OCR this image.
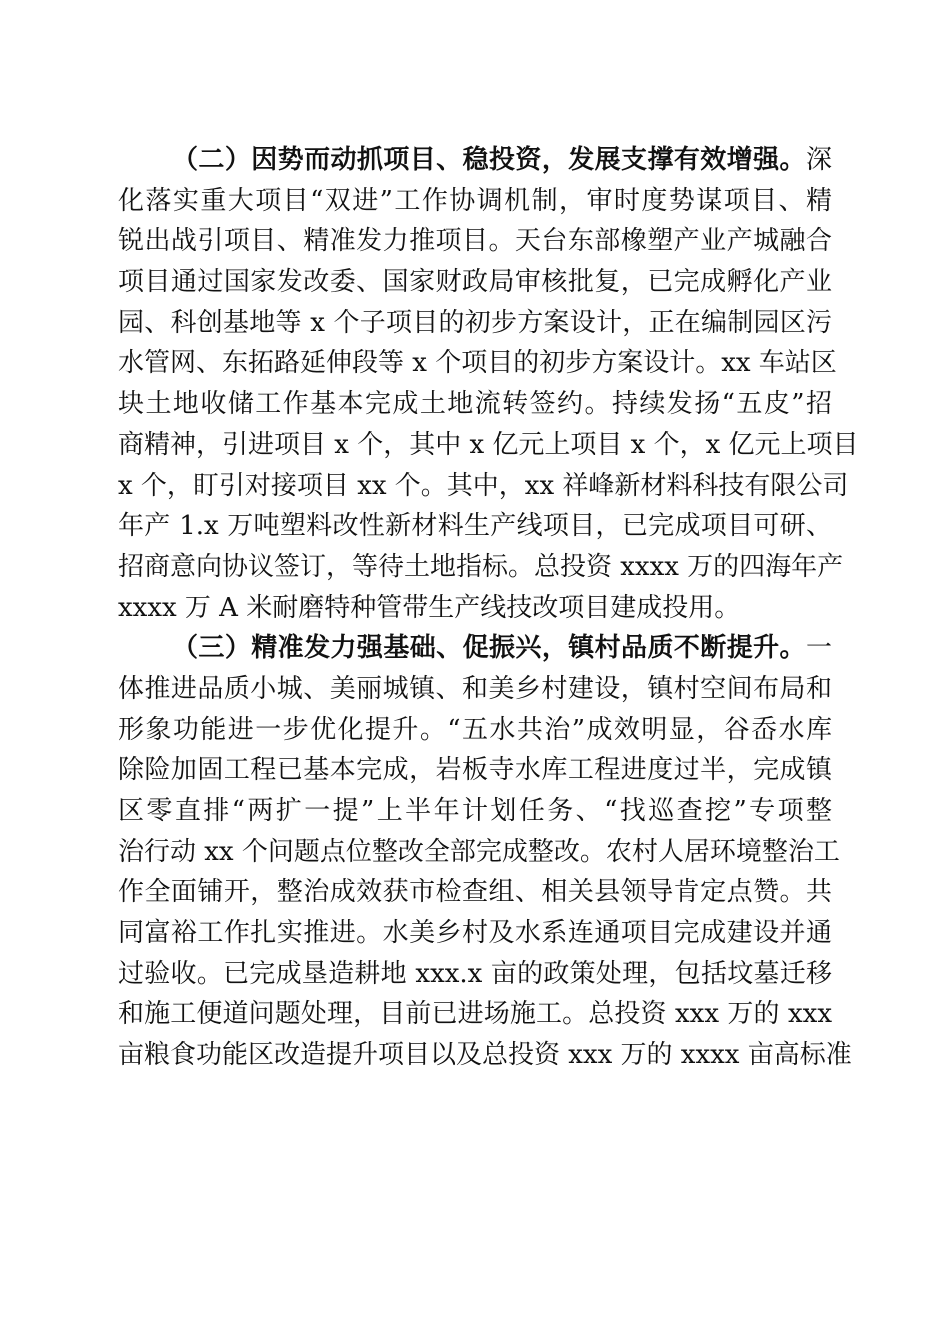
（二）因势而动抓项目、稳投资，发展支撑有效增强。深
化落实重大项目“双进”工作协调机制，审时度势谋项目、精
锐出战引项目、精准发力推项目。天台东部橡塑产业产城融合
项目通过国家发改委、国家财政局审核批复，已完成孵化产业
园、科创基地等 x 个子项目的初步方案设计，正在编制园区污
水管网、东拓路延伸段等 x 个项目的初步方案设计。xx 车站区
块土地收储工作基本完成土地流转签约。持续发扬“五皮”招
商精神，引进项目 x 个，其中 x 亿元上项目 x 个，x 亿元上项目
x 个，盯引对接项目 xx 个。其中，xx 祥峰新材料科技有限公司
年产 1.x 万吨塑料改性新材料生产线项目，已完成项目可研、
招商意向协议签订，等待土地指标。总投资 xxxx 万的四海年产
xxxx 万 A 米耐磨特种管带生产线技改项目建成投用。
（三）精准发力强基础、促振兴，镇村品质不断提升。一
体推进品质小城、美丽城镇、和美乡村建设，镇村空间布局和
形象功能进一步优化提升。“五水共治”成效明显，谷岙水库
除险加固工程已基本完成，岩板寺水库工程进度过半，完成镇
区零直排“两扩一提”上半年计划任务、“找巡查挖”专项整
治行动 xx 个问题点位整改全部完成整改。农村人居环境整治工
作全面铺开，整治成效获市检查组、相关县领导肯定点赞。共
同富裕工作扎实推进。水美乡村及水系连通项目完成建设并通
过验收。已完成垦造耕地 xxx.x 亩的政策处理，包括坟墓迁移
和施工便道问题处理，目前已进场施工。总投资 xxx 万的 xxx
亩粮食功能区改造提升项目以及总投资 xxx 万的 xxxx 亩高标准
